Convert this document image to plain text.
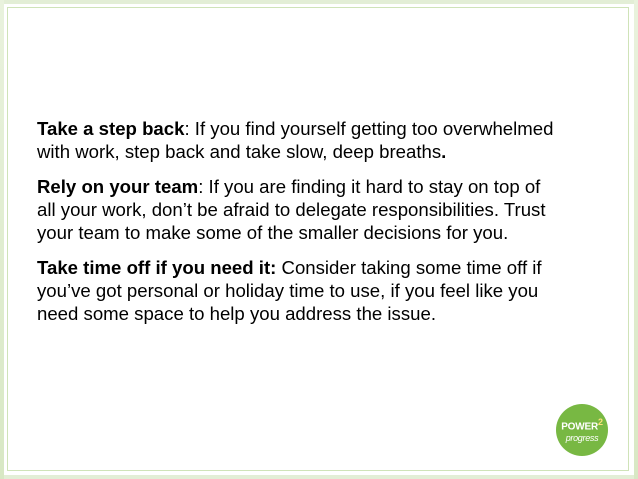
Take a step back: If you find yourself getting too overwhelmed with work, step back and take slow, deep breaths.

Rely on your team: If you are finding it hard to stay on top of all your work, don’t be afraid to delegate responsibilities. Trust your team to make some of the smaller decisions for you.

Take time off if you need it: Consider taking some time off if you’ve got personal or holiday time to use, if you feel like you need some space to help you address the issue.

POWER2
progress
